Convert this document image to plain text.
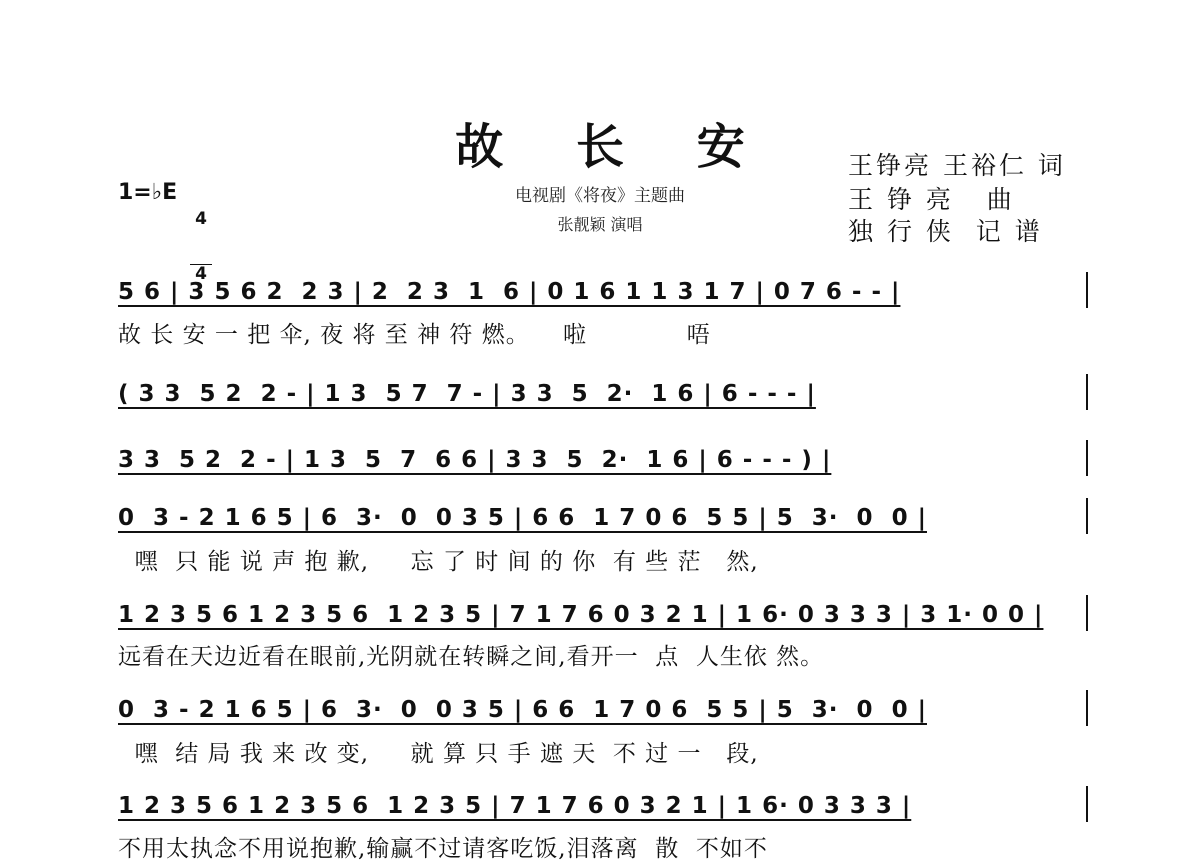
故 长 安
电视剧《将夜》主题曲
张靓颖 演唱
1=♭E

4

4

王铮亮 王裕仁 词
王 铮 亮   曲
独 行 侠  记 谱
5 6 | 3 5 6 2  2 3 | 2  2 3  1  6 | 0 1 6 1 1 3 1 7 | 0 7 6 - - |
故 长 安 一 把 伞, 夜 将 至 神 符 燃。    啦            唔
( 3 3  5 2  2 - | 1 3  5 7  7 - | 3 3  5  2·  1 6 | 6 - - - |
3 3  5 2  2 - | 1 3  5  7  6 6 | 3 3  5  2·  1 6 | 6 - - - ) |
0  3 - 2 1 6 5 | 6  3·  0  0 3 5 | 6 6  1 7 0 6  5 5 | 5  3·  0  0 |
嘿  只 能 说 声 抱 歉,     忘 了 时 间 的 你  有 些 茫   然,
1 2 3 5 6 1 2 3 5 6  1 2 3 5 | 7 1 7 6 0 3 2 1 | 1 6· 0 3 3 3 | 3 1· 0 0 |
远看在天边近看在眼前,光阴就在转瞬之间,看开一  点  人生依 然。
0  3 - 2 1 6 5 | 6  3·  0  0 3 5 | 6 6  1 7 0 6  5 5 | 5  3·  0  0 |
嘿  结 局 我 来 改 变,     就 算 只 手 遮 天  不 过 一   段,
1 2 3 5 6 1 2 3 5 6  1 2 3 5 | 7 1 7 6 0 3 2 1 | 1 6· 0 3 3 3 |
不用太执念不用说抱歉,输赢不过请客吃饭,泪落离  散  不如不
